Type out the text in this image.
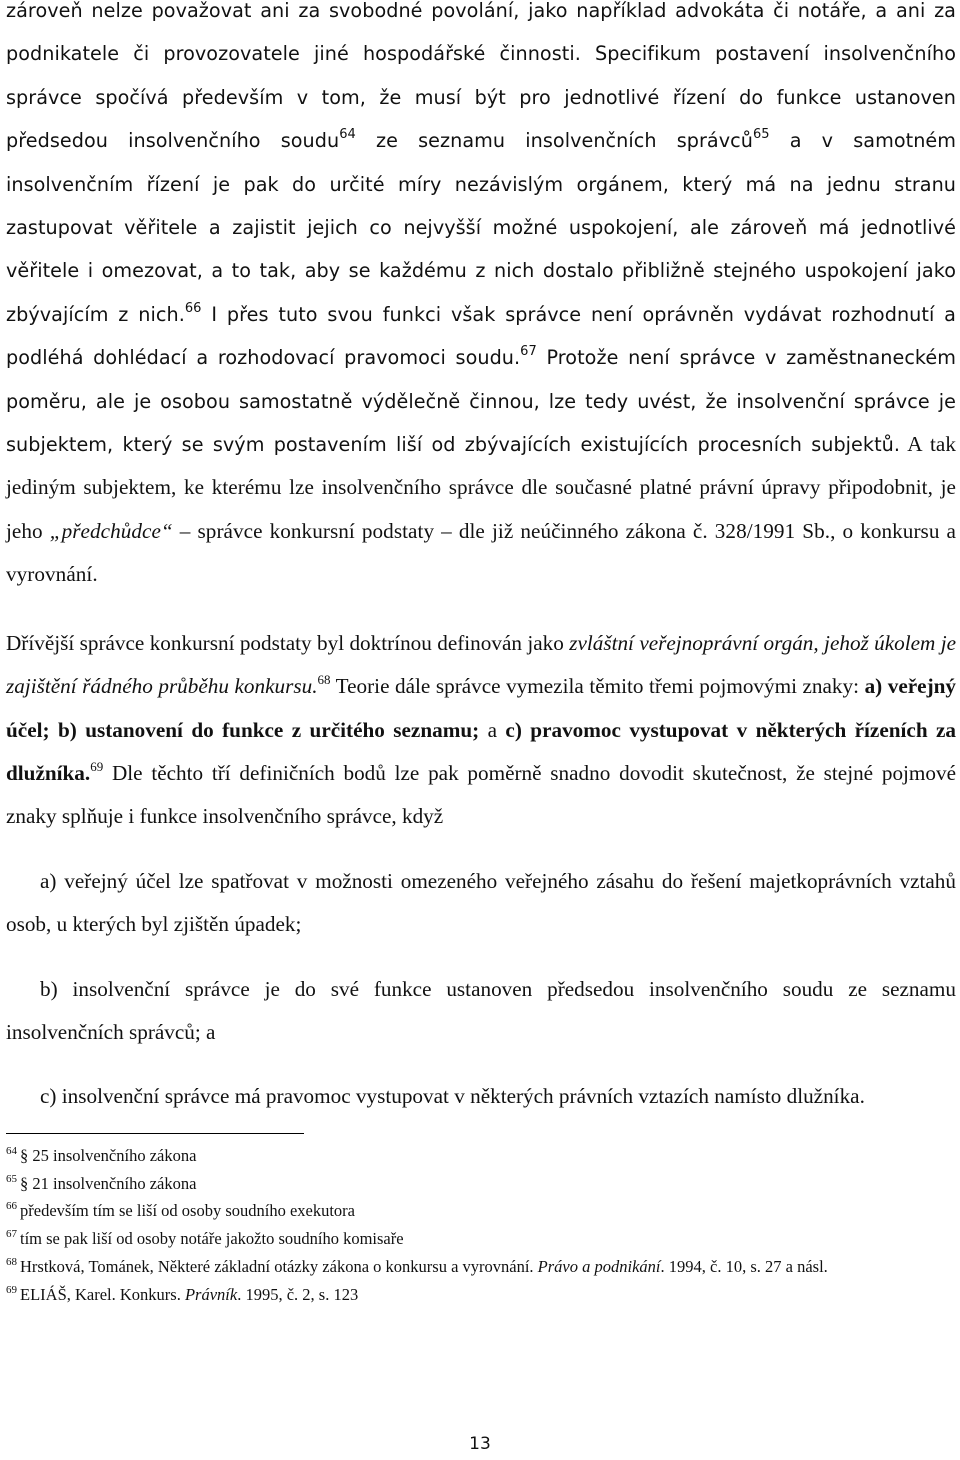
zároveň nelze považovat ani za svobodné povolání, jako například advokáta či notáře, a ani za podnikatele či provozovatele jiné hospodářské činnosti. Specifikum postavení insolvenčního správce spočívá především v tom, že musí být pro jednotlivé řízení do funkce ustanoven předsedou insolvenčního soudu$^{64}$ ze seznamu insolvenčních správců$^{65}$ a v samotném insolvenčním řízení je pak do určité míry nezávislým orgánem, který má na jednu stranu zastupovat věřitele a zajistit jejich co nejvyšší možné uspokojení, ale zároveň má jednotlivé věřitele i omezovat, a to tak, aby se každému z nich dostalo přibližně stejného uspokojení jako zbývajícím z nich.$^{66}$ I přes tuto svou funkci však správce není oprávněn vydávat rozhodnutí a podléhá dohlédací a rozhodovací pravomoci soudu.$^{67}$ Protože není správce v zaměstnaneckém poměru, ale je osobou samostatně výdělečně činnou, lze tedy uvést, že insolvenční správce je subjektem, který se svým postavením liší od zbývajících existujících procesních subjektů. A tak jediným subjektem, ke kterému lze insolvenčního správce dle současné platné právní úpravy připodobnit, je jeho „předchůdce“ – správce konkursní podstaty – dle již neúčinného zákona č. 328/1991 Sb., o konkursu a vyrovnání.

Dřívější správce konkursní podstaty byl doktrínou definován jako zvláštní veřejnoprávní orgán, jehož úkolem je zajištění řádného průběhu konkursu.$^{68}$ Teorie dále správce vymezila těmito třemi pojmovými znaky: a) veřejný účel; b) ustanovení do funkce z určitého seznamu; a c) pravomoc vystupovat v některých řízeních za dlužníka.$^{69}$ Dle těchto tří definičních bodů lze pak poměrně snadno dovodit skutečnost, že stejné pojmové znaky splňuje i funkce insolvenčního správce, když

a) veřejný účel lze spatřovat v možnosti omezeného veřejného zásahu do řešení majetkoprávních vztahů osob, u kterých byl zjištěn úpadek;

b) insolvenční správce je do své funkce ustanoven předsedou insolvenčního soudu ze seznamu insolvenčních správců; a

c) insolvenční správce má pravomoc vystupovat v některých právních vztazích namísto dlužníka.

$^{64}$ § 25 insolvenčního zákona

$^{65}$ § 21 insolvenčního zákona

$^{66}$ především tím se liší od osoby soudního exekutora

$^{67}$ tím se pak liší od osoby notáře jakožto soudního komisaře

$^{68}$ Hrstková, Tománek, Některé základní otázky zákona o konkursu a vyrovnání. Právo a podnikání. 1994, č. 10, s. 27 a násl.

$^{69}$ ELIÁŠ, Karel. Konkurs. Právník. 1995, č. 2, s. 123

13
